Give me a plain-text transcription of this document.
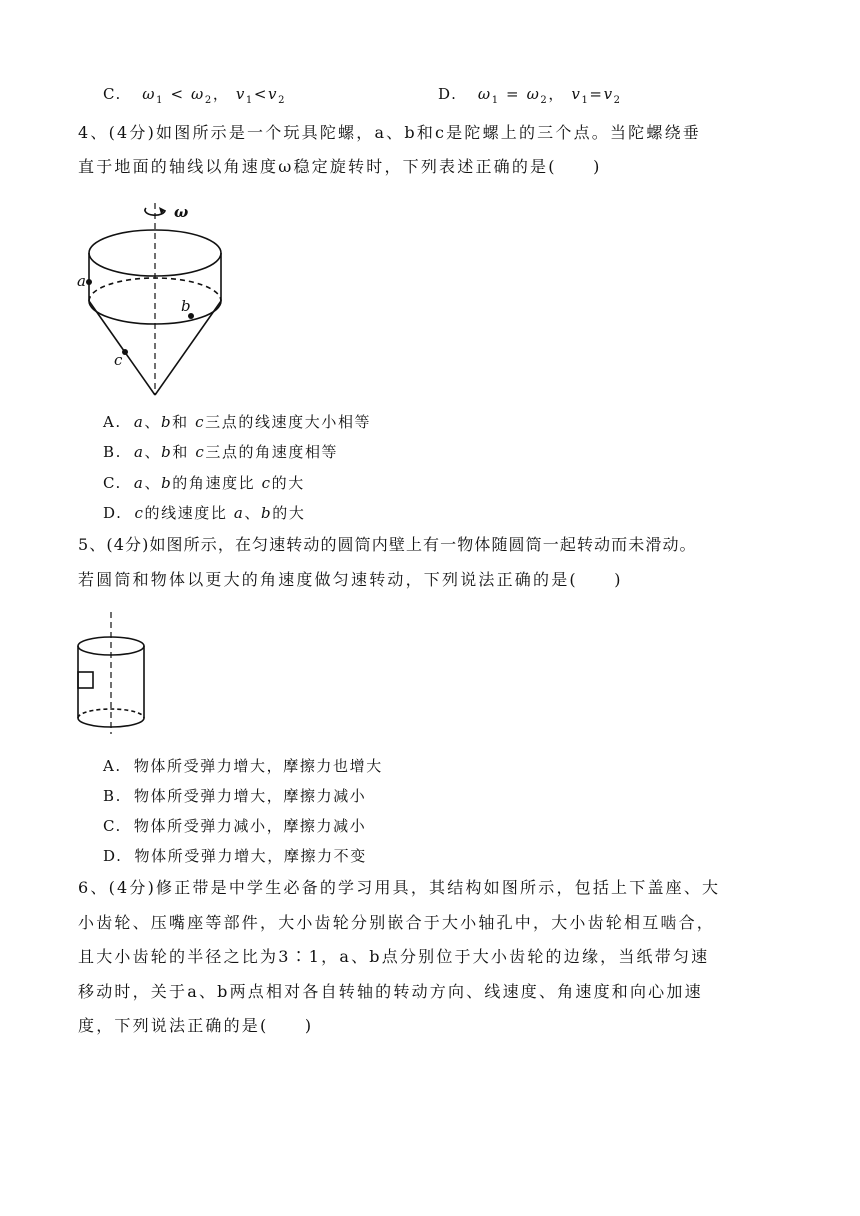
C. $\omega_1 < \omega_2$， $v_1<v_2$	D. $\omega_1 = \omega_2$， $v_1=v_2$
4、(4分)如图所示是一个玩具陀螺，a、b和c是陀螺上的三个点。当陀螺绕垂
直于地面的轴线以角速度ω稳定旋转时，下列表述正确的是(　　)
ω
a
b
c
A. a、b和 c三点的线速度大小相等
B. a、b和 c三点的角速度相等
C. a、b的角速度比 c的大
D. c的线速度比 a、b的大
5、(4分)如图所示，在匀速转动的圆筒内壁上有一物体随圆筒一起转动而未滑动。
若圆筒和物体以更大的角速度做匀速转动，下列说法正确的是(　　)
A. 物体所受弹力增大，摩擦力也增大
B. 物体所受弹力增大，摩擦力减小
C. 物体所受弹力减小，摩擦力减小
D. 物体所受弹力增大，摩擦力不变
6、(4分)修正带是中学生必备的学习用具，其结构如图所示，包括上下盖座、大
小齿轮、压嘴座等部件，大小齿轮分别嵌合于大小轴孔中，大小齿轮相互啮合，
且大小齿轮的半径之比为3∶1，a、b点分别位于大小齿轮的边缘，当纸带匀速
移动时，关于a、b两点相对各自转轴的转动方向、线速度、角速度和向心加速
度，下列说法正确的是(　　)
